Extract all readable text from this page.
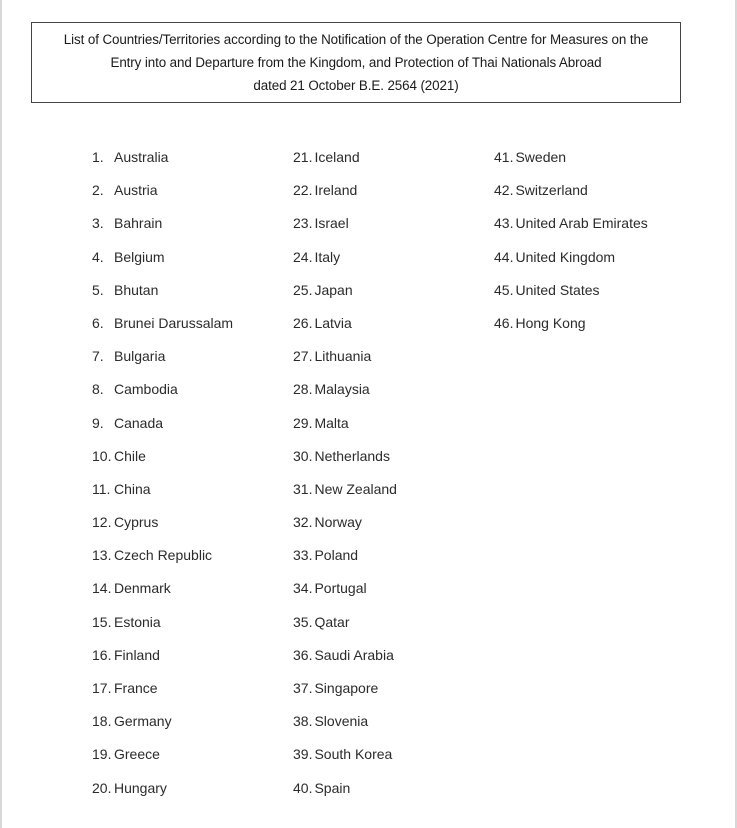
List of Countries/Territories according to the Notification of the Operation Centre for Measures on the
Entry into and Departure from the Kingdom, and Protection of Thai Nationals Abroad
dated 21 October B.E. 2564 (2021)
1. Australia
2. Austria
3. Bahrain
4. Belgium
5. Bhutan
6. Brunei Darussalam
7. Bulgaria
8. Cambodia
9. Canada
10. Chile
11. China
12. Cyprus
13. Czech Republic
14. Denmark
15. Estonia
16. Finland
17. France
18. Germany
19. Greece
20. Hungary
21. Iceland
22. Ireland
23. Israel
24. Italy
25. Japan
26. Latvia
27. Lithuania
28. Malaysia
29. Malta
30. Netherlands
31. New Zealand
32. Norway
33. Poland
34. Portugal
35. Qatar
36. Saudi Arabia
37. Singapore
38. Slovenia
39. South Korea
40. Spain
41. Sweden
42. Switzerland
43. United Arab Emirates
44. United Kingdom
45. United States
46. Hong Kong
